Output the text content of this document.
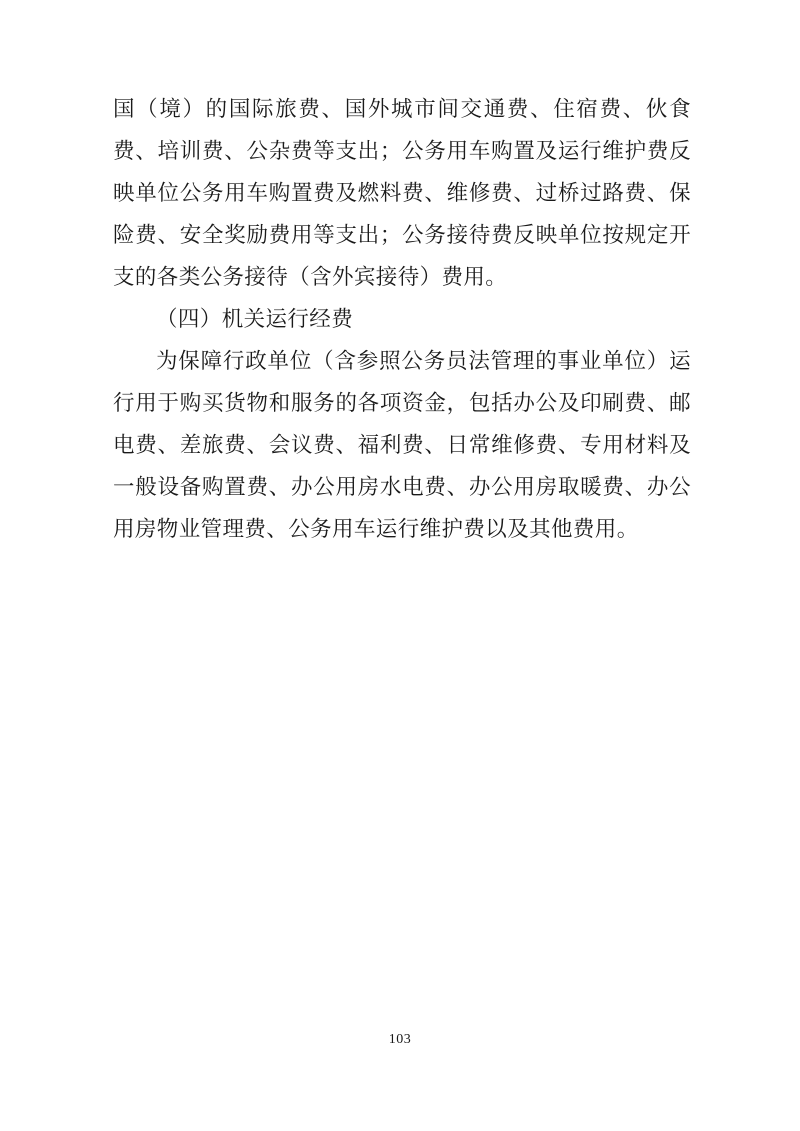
国（境）的国际旅费、国外城市间交通费、住宿费、伙食费、培训费、公杂费等支出；公务用车购置及运行维护费反映单位公务用车购置费及燃料费、维修费、过桥过路费、保险费、安全奖励费用等支出；公务接待费反映单位按规定开支的各类公务接待（含外宾接待）费用。

（四）机关运行经费

为保障行政单位（含参照公务员法管理的事业单位）运行用于购买货物和服务的各项资金，包括办公及印刷费、邮电费、差旅费、会议费、福利费、日常维修费、专用材料及一般设备购置费、办公用房水电费、办公用房取暖费、办公用房物业管理费、公务用车运行维护费以及其他费用。

103
